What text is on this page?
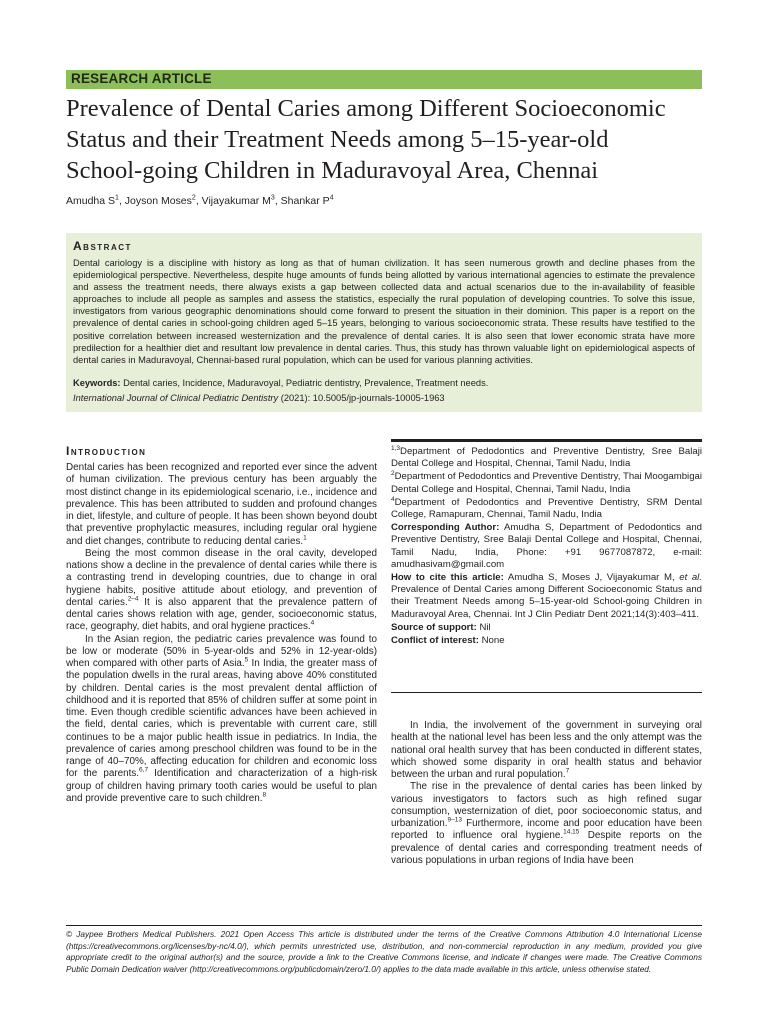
RESEARCH ARTICLE
Prevalence of Dental Caries among Different Socioeconomic
Status and their Treatment Needs among 5–15-year-old
School-going Children in Maduravoyal Area, Chennai
Amudha $S^1$, Joyson Moses$^2$, Vijayakumar $M^3$, Shankar $P^4$
Abstract

Dental cariology is a discipline with history as long as that of human civilization. It has seen numerous growth and decline phases from the epidemiological perspective. Nevertheless, despite huge amounts of funds being allotted by various international agencies to estimate the prevalence and assess the treatment needs, there always exists a gap between collected data and actual scenarios due to the in-availability of feasible approaches to include all people as samples and assess the statistics, especially the rural population of developing countries. To solve this issue, investigators from various geographic denominations should come forward to present the situation in their dominion. This paper is a report on the prevalence of dental caries in school-going children aged 5–15 years, belonging to various socioeconomic strata. These results have testified to the positive correlation between increased westernization and the prevalence of dental caries. It is also seen that lower economic strata have more predilection for a healthier diet and resultant low prevalence in dental caries. Thus, this study has thrown valuable light on epidemiological aspects of dental caries in Maduravoyal, Chennai-based rural population, which can be used for various planning activities.

Keywords: Dental caries, Incidence, Maduravoyal, Pediatric dentistry, Prevalence, Treatment needs.
International Journal of Clinical Pediatric Dentistry (2021): 10.5005/jp-journals-10005-1963
Introduction

Dental caries has been recognized and reported ever since the advent of human civilization. The previous century has been arguably the most distinct change in its epidemiological scenario, i.e., incidence and prevalence. This has been attributed to sudden and profound changes in diet, lifestyle, and culture of people. It has been shown beyond doubt that preventive prophylactic measures, including regular oral hygiene and diet changes, contribute to reducing dental caries.$^1$

Being the most common disease in the oral cavity, developed nations show a decline in the prevalence of dental caries while there is a contrasting trend in developing countries, due to change in oral hygiene habits, positive attitude about etiology, and prevention of dental caries.$^{2-4}$ It is also apparent that the prevalence pattern of dental caries shows relation with age, gender, socioeconomic status, race, geography, diet habits, and oral hygiene practices.$^4$

In the Asian region, the pediatric caries prevalence was found to be low or moderate (50% in 5-year-olds and 52% in 12-year-olds) when compared with other parts of Asia.$^5$ In India, the greater mass of the population dwells in the rural areas, having above 40% constituted by children. Dental caries is the most prevalent dental affliction of childhood and it is reported that 85% of children suffer at some point in time. Even though credible scientific advances have been achieved in the field, dental caries, which is preventable with current care, still continues to be a major public health issue in pediatrics. In India, the prevalence of caries among preschool children was found to be in the range of 40–70%, affecting education for children and economic loss for the parents.$^{6,7}$ Identification and characterization of a high-risk group of children having primary tooth caries would be useful to plan and provide preventive care to such children.$^8$

$^{1,3}$Department of Pedodontics and Preventive Dentistry, Sree Balaji Dental College and Hospital, Chennai, Tamil Nadu, India

$^2$Department of Pedodontics and Preventive Dentistry, Thai Moogambigai Dental College and Hospital, Chennai, Tamil Nadu, India

$^4$Department of Pedodontics and Preventive Dentistry, SRM Dental College, Ramapuram, Chennai, Tamil Nadu, India

Corresponding Author: Amudha S, Department of Pedodontics and Preventive Dentistry, Sree Balaji Dental College and Hospital, Chennai, Tamil Nadu, India, Phone: +91 9677087872, e-mail: amudhasivam@gmail.com

How to cite this article: Amudha S, Moses J, Vijayakumar M, et al. Prevalence of Dental Caries among Different Socioeconomic Status and their Treatment Needs among 5–15-year-old School-going Children in Maduravoyal Area, Chennai. Int J Clin Pediatr Dent 2021;14(3):403–411.

Source of support: Nil

Conflict of interest: None

In India, the involvement of the government in surveying oral health at the national level has been less and the only attempt was the national oral health survey that has been conducted in different states, which showed some disparity in oral health status and behavior between the urban and rural population.$^7$

The rise in the prevalence of dental caries has been linked by various investigators to factors such as high refined sugar consumption, westernization of diet, poor socioeconomic status, and urbanization.$^{9-13}$ Furthermore, income and poor education have been reported to influence oral hygiene.$^{14,15}$ Despite reports on the prevalence of dental caries and corresponding treatment needs of various populations in urban regions of India have been

© Jaypee Brothers Medical Publishers. 2021 Open Access This article is distributed under the terms of the Creative Commons Attribution 4.0 International License (https://creativecommons.org/licenses/by-nc/4.0/), which permits unrestricted use, distribution, and non-commercial reproduction in any medium, provided you give appropriate credit to the original author(s) and the source, provide a link to the Creative Commons license, and indicate if changes were made. The Creative Commons Public Domain Dedication waiver (http://creativecommons.org/publicdomain/zero/1.0/) applies to the data made available in this article, unless otherwise stated.
